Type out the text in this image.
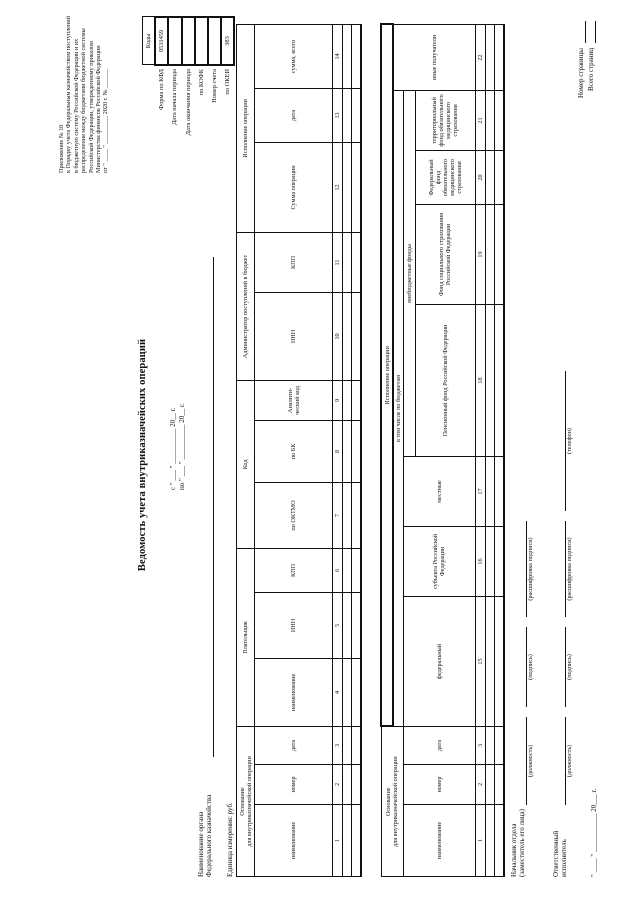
Приложение № 10 к Порядку учета Федеральным казначейством поступлений в бюджетную систему Российской Федерации и их распределения между бюджетами бюджетной системы Российской Федерации, утвержденному приказом Министерства финансов Российской Федерации от " ____ " _________ 2020 г. № ______
Ведомость учета внутриказначейских операций	с " ___ " __________ 20__ г. по " ___ " __________ 20__ г.
	Коды
Форма по КФД	0531459
Дата начала периода	
Дата окончания периода	
по КОФК	
Номер счета	
по ОКЕИ	383
Наименование органа Федерального казначейства Единица измерения: руб.
Основание для внутриказначейской операции			Плательщик			Код			Администратор поступлений в бюджет		Исполнение операции		
наименование	номер	дата	наименование	ИНН	КПП	по ОКТМО	по БК	Аналити-ческий код	ИНН	КПП	Сумма операции	дата	сумма, всего
1	2	3	4	5	6	7	8	9	10	11	12	13	14

Основание для внутриказначейской операции			Исполнение операции							
			в том числе по бюджетам							иные получатели
наименование	номер	дата	федеральный	субъекта Российской Федерации	местные	внебюджетные фонды				
						Пенсионный фонд Российской Федерации	Фонд социального страхования Российской Федерации	Федеральный фонд обязательного медицинского страхования	территориальный фонд обязательного медицинского страхования	
1	2	3	15	16	17	18	19	20	21	22

											Номер страницы Всего страниц
Начальник отдела (заместитель его лица)
(должность)
(подпись)
(расшифровка подписи)
Ответственный исполнитель
(должность)
(подпись)
(расшифровка подписи)
(телефон)
" ____ " ___________ 20___ г.
